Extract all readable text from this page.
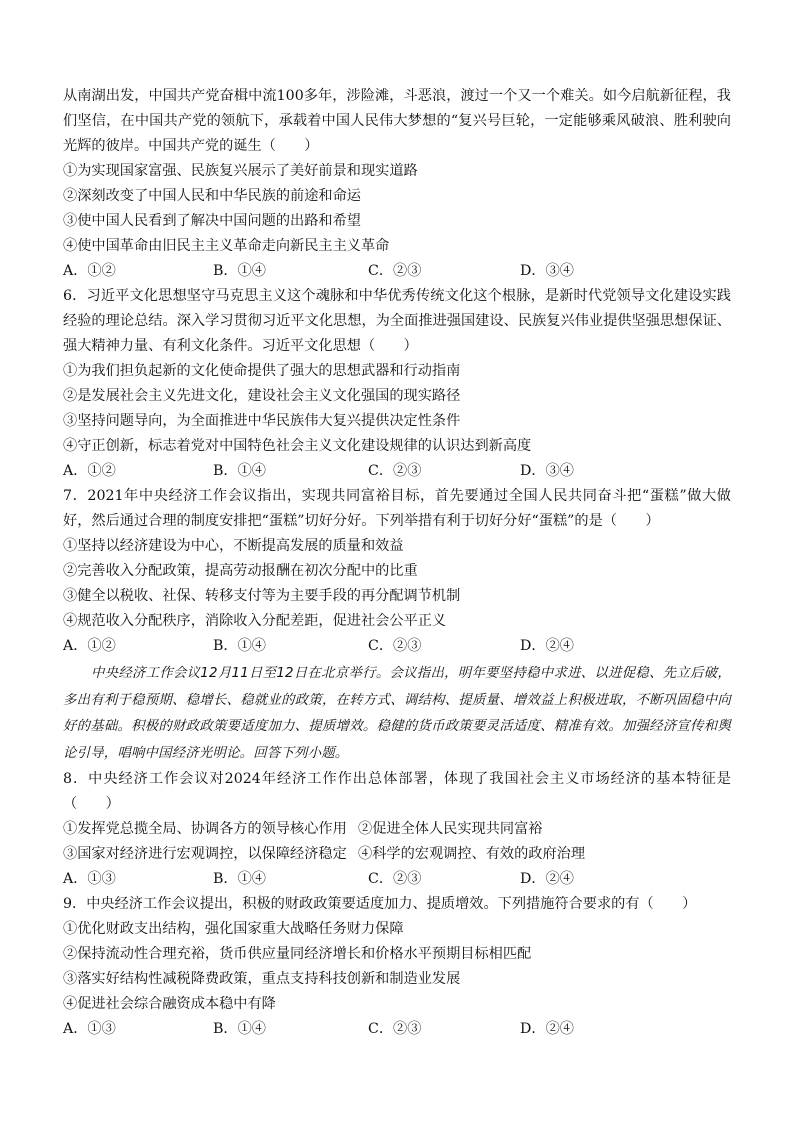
从南湖出发，中国共产党奋楫中流100多年，涉险滩，斗恶浪，渡过一个又一个难关。如今启航新征程，我们坚信，在中国共产党的领航下，承载着中国人民伟大梦想的“复兴号巨轮，一定能够乘风破浪、胜利驶向光辉的彼岸。中国共产党的诞生（　　）

①为实现国家富强、民族复兴展示了美好前景和现实道路

②深刻改变了中国人民和中华民族的前途和命运

③使中国人民看到了解决中国问题的出路和希望

④使中国革命由旧民主主义革命走向新民主主义革命

A．①②	B．①④	C．②③	D．③④

6．习近平文化思想坚守马克思主义这个魂脉和中华优秀传统文化这个根脉，是新时代党领导文化建设实践经验的理论总结。深入学习贯彻习近平文化思想，为全面推进强国建设、民族复兴伟业提供坚强思想保证、强大精神力量、有利文化条件。习近平文化思想（　　）

①为我们担负起新的文化使命提供了强大的思想武器和行动指南

②是发展社会主义先进文化，建设社会主义文化强国的现实路径

③坚持问题导向，为全面推进中华民族伟大复兴提供决定性条件

④守正创新，标志着党对中国特色社会主义文化建设规律的认识达到新高度

A．①②	B．①④	C．②③	D．③④

7．2021年中央经济工作会议指出，实现共同富裕目标，首先要通过全国人民共同奋斗把“蛋糕”做大做好，然后通过合理的制度安排把“蛋糕”切好分好。下列举措有利于切好分好“蛋糕”的是（　　）

①坚持以经济建设为中心，不断提高发展的质量和效益

②完善收入分配政策，提高劳动报酬在初次分配中的比重

③健全以税收、社保、转移支付等为主要手段的再分配调节机制

④规范收入分配秩序，消除收入分配差距，促进社会公平正义

A．①②	B．①④	C．②③	D．②④

中央经济工作会议12月11日至12日在北京举行。会议指出，明年要坚持稳中求进、以进促稳、先立后破，多出有利于稳预期、稳增长、稳就业的政策，在转方式、调结构、提质量、增效益上积极进取，不断巩固稳中向好的基础。积极的财政政策要适度加力、提质增效。稳健的货币政策要灵活适度、精准有效。加强经济宣传和舆论引导，唱响中国经济光明论。回答下列小题。

8．中央经济工作会议对2024年经济工作作出总体部署，体现了我国社会主义市场经济的基本特征是（　　）

①发挥党总揽全局、协调各方的领导核心作用 ②促进全体人民实现共同富裕
③国家对经济进行宏观调控，以保障经济稳定 ④科学的宏观调控、有效的政府治理
A．①③	B．①④	C．②③	D．②④

9．中央经济工作会议提出，积极的财政政策要适度加力、提质增效。下列措施符合要求的有（　　）

①优化财政支出结构，强化国家重大战略任务财力保障

②保持流动性合理充裕，货币供应量同经济增长和价格水平预期目标相匹配

③落实好结构性减税降费政策，重点支持科技创新和制造业发展

④促进社会综合融资成本稳中有降

A．①③	B．①④	C．②③	D．②④
